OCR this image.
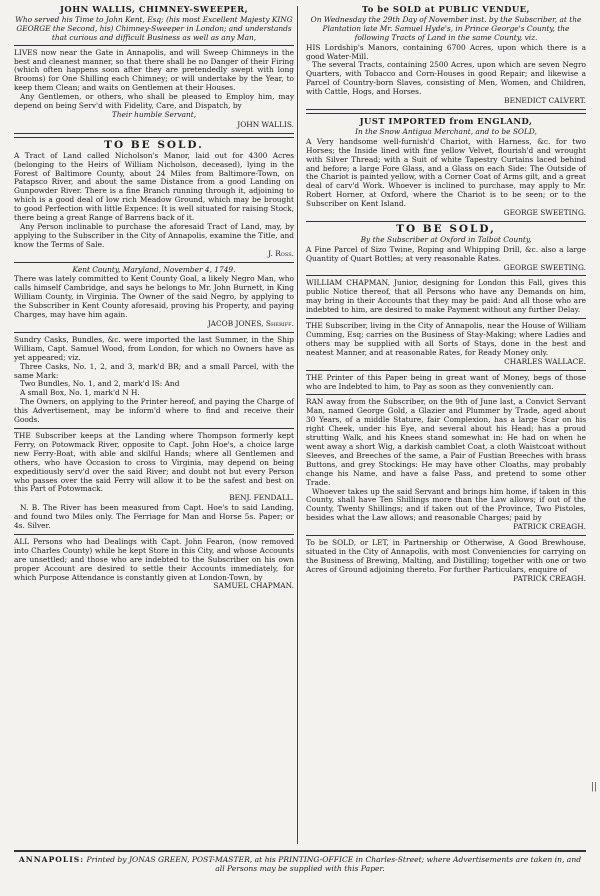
JOHN WALLIS, CHIMNEY-SWEEPER,
Who served his Time to John Kent, Esq; (his most Excellent Majesty KING GEORGE the Second, his) Chimney-Sweeper in London; and understands that curious and difficult Business as well as any Man,

LIVES now near the Gate in Annapolis, and will Sweep Chimneys in the best and cleanest manner, so that there shall be no Danger of their Firing (which often happens soon after they are pretendedly swept with long Brooms) for One Shilling each Chimney; or will undertake by the Year, to keep them Clean; and waits on Gentlemen at their Houses.

Any Gentlemen, or others, who shall be pleased to Employ him, may depend on being Serv'd with Fidelity, Care, and Dispatch, by

Their humble Servant,
JOHN WALLIS.
TO BE SOLD.

A Tract of Land called Nicholson's Manor, laid out for 4300 Acres (belonging to the Heirs of William Nicholson, deceased), lying in the Forest of Baltimore County, about 24 Miles from Baltimore-Town, on Patapsco River, and about the same Distance from a good Landing on Gunpowder River. There is a fine Branch running through it, adjoining to which is a good deal of low rich Meadow Ground, which may be brought to good Perfection with little Expence: It is well situated for raising Stock, there being a great Range of Barrens back of it.

Any Person inclinable to purchase the aforesaid Tract of Land, may, by applying to the Subscriber in the City of Annapolis, examine the Title, and know the Terms of Sale.

J. Ross.
Kent County, Maryland, November 4, 1749.

There was lately committed to Kent County Goal, a likely Negro Man, who calls himself Cambridge, and says he belongs to Mr. John Burnett, in King William County, in Virginia. The Owner of the said Negro, by applying to the Subscriber in Kent County aforesaid, proving his Property, and paying Charges, may have him again.

JACOB JONES, Sheriff.

Sundry Casks, Bundles, &c. were imported the last Summer, in the Ship William, Capt. Samuel Wood, from London, for which no Owners have as yet appeared; viz.

Three Casks, No. 1, 2, and 3, mark'd BR; and a small Parcel, with the same Mark:

Two Bundles, No. 1, and 2, mark'd IS: And

A small Box, No. 1, mark'd N H.

The Owners, on applying to the Printer hereof, and paying the Charge of this Advertisement, may be inform'd where to find and receive their Goods.

THE Subscriber keeps at the Landing where Thompson formerly kept Ferry, on Potowmack River, opposite to Capt. John Hoe's, a choice large new Ferry-Boat, with able and skilful Hands; where all Gentlemen and others, who have Occasion to cross to Virginia, may depend on being expeditiously serv'd over the said River; and doubt not but every Person who passes over the said Ferry will allow it to be the safest and best on this Part of Potowmack.

BENJ. FENDALL.

N. B. The River has been measured from Capt. Hoe's to said Landing, and found two Miles only. The Ferriage for Man and Horse 5s. Paper; or 4s. Silver.

ALL Persons who had Dealings with Capt. John Fearon, (now removed into Charles County) while he kept Store in this City, and whose Accounts are unsettled; and those who are indebted to the Subscriber on his own proper Account are desired to settle their Accounts immediately, for which Purpose Attendance is constantly given at London-Town, by

SAMUEL CHAPMAN.
To be SOLD at PUBLIC VENDUE,
On Wednesday the 29th Day of November inst. by the Subscriber, at the Plantation late Mr. Samuel Hyde's, in Prince George's County, the following Tracts of Land in the same County, viz.

HIS Lordship's Manors, containing 6700 Acres, upon which there is a good Water-Mill.

The several Tracts, containing 2500 Acres, upon which are seven Negro Quarters, with Tobacco and Corn-Houses in good Repair; and likewise a Parcel of Country-born Slaves, consisting of Men, Women, and Children, with Cattle, Hogs, and Horses.

BENEDICT CALVERT.
JUST IMPORTED from ENGLAND,
In the Snow Antigua Merchant, and to be SOLD,

A Very handsome well-furnish'd Chariot, with Harness, &c. for two Horses; the Inside lined with fine yellow Velvet, flourish'd and wrought with Silver Thread; with a Suit of white Tapestry Curtains laced behind and before; a large Fore Glass, and a Glass on each Side: The Outside of the Chariot is painted yellow, with a Corner Coat of Arms gilt, and a great deal of carv'd Work. Whoever is inclined to purchase, may apply to Mr. Robert Horner, at Oxford, where the Chariot is to be seen; or to the Subscriber on Kent Island.

GEORGE SWEETING.
TO BE SOLD,
By the Subscriber at Oxford in Talbot County,

A Fine Parcel of Sizo Twine, Roping and Whipping Drill, &c. also a large Quantity of Quart Bottles; at very reasonable Rates.

GEORGE SWEETING.

WILLIAM CHAPMAN, Junior, designing for London this Fall, gives this public Notice thereof, that all Persons who have any Demands on him, may bring in their Accounts that they may be paid: And all those who are indebted to him, are desired to make Payment without any further Delay.

THE Subscriber, living in the City of Annapolis, near the House of William Cumming, Esq; carries on the Business of Stay-Making; where Ladies and others may be supplied with all Sorts of Stays, done in the best and neatest Manner, and at reasonable Rates, for Ready Money only.

CHARLES WALLACE.

THE Printer of this Paper being in great want of Money, begs of those who are Indebted to him, to Pay as soon as they conveniently can.

RAN away from the Subscriber, on the 9th of June last, a Convict Servant Man, named George Gold, a Glazier and Plummer by Trade, aged about 30 Years, of a middle Stature, fair Complexion, has a large Scar on his right Cheek, under his Eye, and several about his Head; has a proud strutting Walk, and his Knees stand somewhat in: He had on when he went away a short Wig, a darkish camblet Coat, a cloth Waistcoat without Sleeves, and Breeches of the same, a Pair of Fustian Breeches with brass Buttons, and grey Stockings: He may have other Cloaths, may probably change his Name, and have a false Pass, and pretend to some other Trade.

Whoever takes up the said Servant and brings him home, if taken in this County, shall have Ten Shillings more than the Law allows; if out of the County, Twenty Shillings; and if taken out of the Province, Two Pistoles, besides what the Law allows; and reasonable Charges; paid by

PATRICK CREAGH.

To be SOLD, or LET, in Partnership or Otherwise, A Good Brewhouse, situated in the City of Annapolis, with most Conveniencies for carrying on the Business of Brewing, Malting, and Distilling; together with one or two Acres of Ground adjoining thereto. For further Particulars, enquire of

PATRICK CREAGH.
ANNAPOLIS: Printed by JONAS GREEN, POST-MASTER, at his PRINTING-OFFICE in Charles-Street; where Advertisements are taken in, and all Persons may be supplied with this Paper.
||
